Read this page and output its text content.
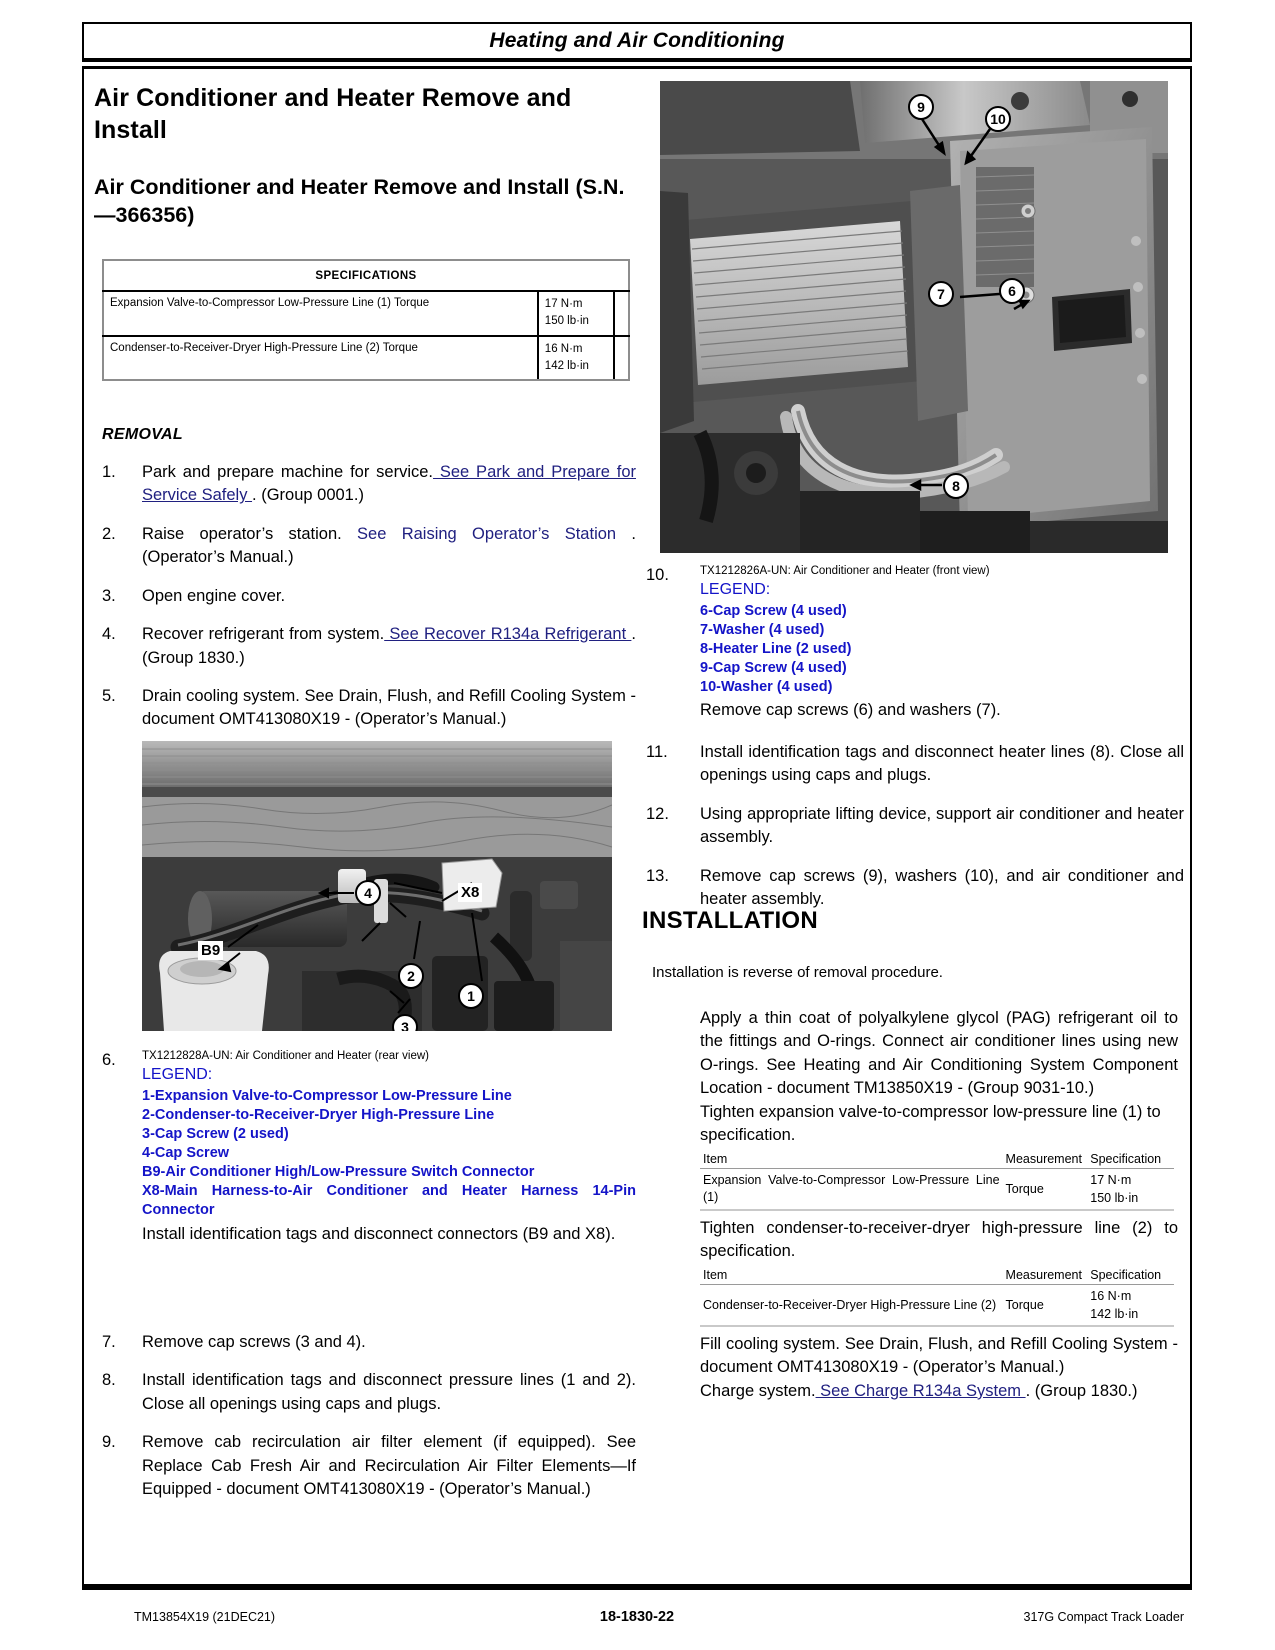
Heating and Air Conditioning
Air Conditioner and Heater Remove and Install
Air Conditioner and Heater Remove and Install (S.N. —366356)
SPECIFICATIONS		
Expansion Valve-to-Compressor Low-Pressure Line (1) Torque	17 N·m
150 lb·in	

Condenser-to-Receiver-Dryer High-Pressure Line (2) Torque	16 N·m
142 lb·in	

REMOVAL
1. Park and prepare machine for service. See Park and Prepare for Service Safely . (Group 0001.)

2. Raise operator’s station. See Raising Operator’s Station . (Operator’s Manual.)

3. Open engine cover.

4. Recover refrigerant from system. See Recover R134a Refrigerant . (Group 1830.)

5. Drain cooling system. See Drain, Flush, and Refill Cooling System - document OMT413080X19 - (Operator’s Manual.)

4
2
1
3
B9
X8
6. TX1212828A-UN: Air Conditioner and Heater (rear view)
LEGEND:
1-Expansion Valve-to-Compressor Low-Pressure Line
2-Condenser-to-Receiver-Dryer High-Pressure Line
3-Cap Screw (2 used)
4-Cap Screw
B9-Air Conditioner High/Low-Pressure Switch Connector
X8-Main Harness-to-Air Conditioner and Heater Harness 14-Pin Connector
Install identification tags and disconnect connectors (B9 and X8).
7. Remove cap screws (3 and 4).

8. Install identification tags and disconnect pressure lines (1 and 2). Close all openings using caps and plugs.

9. Remove cab recirculation air filter element (if equipped). See Replace Cab Fresh Air and Recirculation Air Filter Elements—If Equipped - document OMT413080X19 - (Operator’s Manual.)

9
10
7	6
8
10.	TX1212826A-UN: Air Conditioner and Heater (front view)
LEGEND:
6-Cap Screw (4 used)
7-Washer (4 used)
8-Heater Line (2 used)
9-Cap Screw (4 used)
10-Washer (4 used)
Remove cap screws (6) and washers (7).
11. Install identification tags and disconnect heater lines (8). Close all openings using caps and plugs.

12. Using appropriate lifting device, support air conditioner and heater assembly.

13. Remove cap screws (9), washers (10), and air conditioner and heater assembly.

INSTALLATION
Installation is reverse of removal procedure.

Apply a thin coat of polyalkylene glycol (PAG) refrigerant oil to the fittings and O-rings. Connect air conditioner lines using new O-rings. See Heating and Air Conditioning System Component Location - document TM13850X19 - (Group 9031-10.)

Tighten expansion valve-to-compressor low-pressure line (1) to specification.

Item	Measurement	Specification
Expansion Valve-to-Compressor Low-Pressure Line (1)	Torque	17 N·m
150 lb·in

Tighten condenser-to-receiver-dryer high-pressure line (2) to specification.

Item	Measurement	Specification
Condenser-to-Receiver-Dryer High-Pressure Line (2)	Torque	16 N·m
142 lb·in

Fill cooling system. See Drain, Flush, and Refill Cooling System - document OMT413080X19 - (Operator’s Manual.)

Charge system. See Charge R134a System . (Group 1830.)

TM13854X19 (21DEC21)	18-1830-22	317G Compact Track Loader
